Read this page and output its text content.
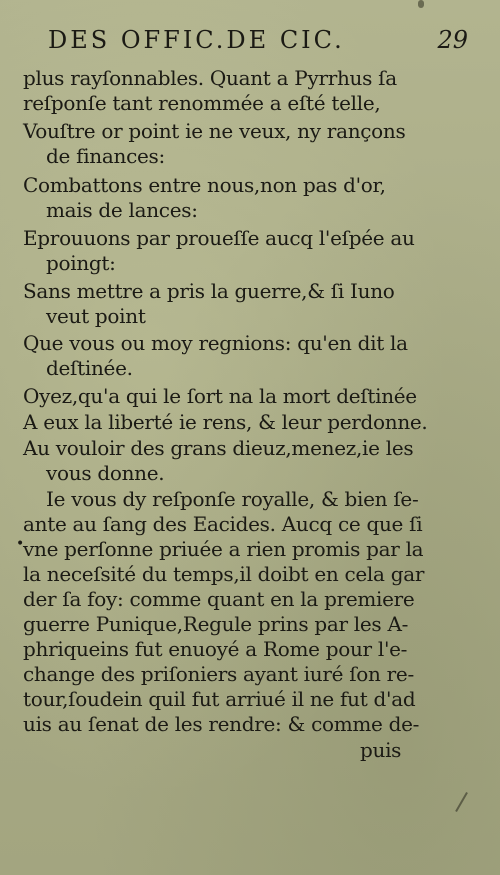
DES OFFIC.DE CIC.	29
plus rayſonnables. Quant a Pyrrhus ſa
reſponſe tant renommée a eſté telle,
Vouſtre or point ie ne veux, ny rançons
de finances:
Combattons entre nous,non pas d'or,
mais de lances:
Eprouuons par proueſſe aucq l'eſpée au
poingt:
Sans mettre a pris la guerre,& ſi Iuno
veut point
Que vous ou moy regnions: qu'en dit la
deſtinée.
Oyez,qu'a qui le ſort na la mort deſtinée
A eux la liberté ie rens, & leur perdonne.
Au vouloir des grans dieuz,menez,ie les
vous donne.
Ie vous dy reſponſe royalle, & bien ſe-
ante au ſang des Eacides. Aucq ce que ſi
vne perſonne priuée a rien promis par la
la neceſsité du temps,il doibt en cela gar
der ſa foy: comme quant en la premiere
guerre Punique,Regule prins par les A-
phriqueins fut enuoyé a Rome pour l'e-
change des priſoniers ayant iuré ſon re-
tour,ſoudein quil fut arriué il ne fut d'ad
uis au ſenat de les rendre: & comme de-
puis
•
